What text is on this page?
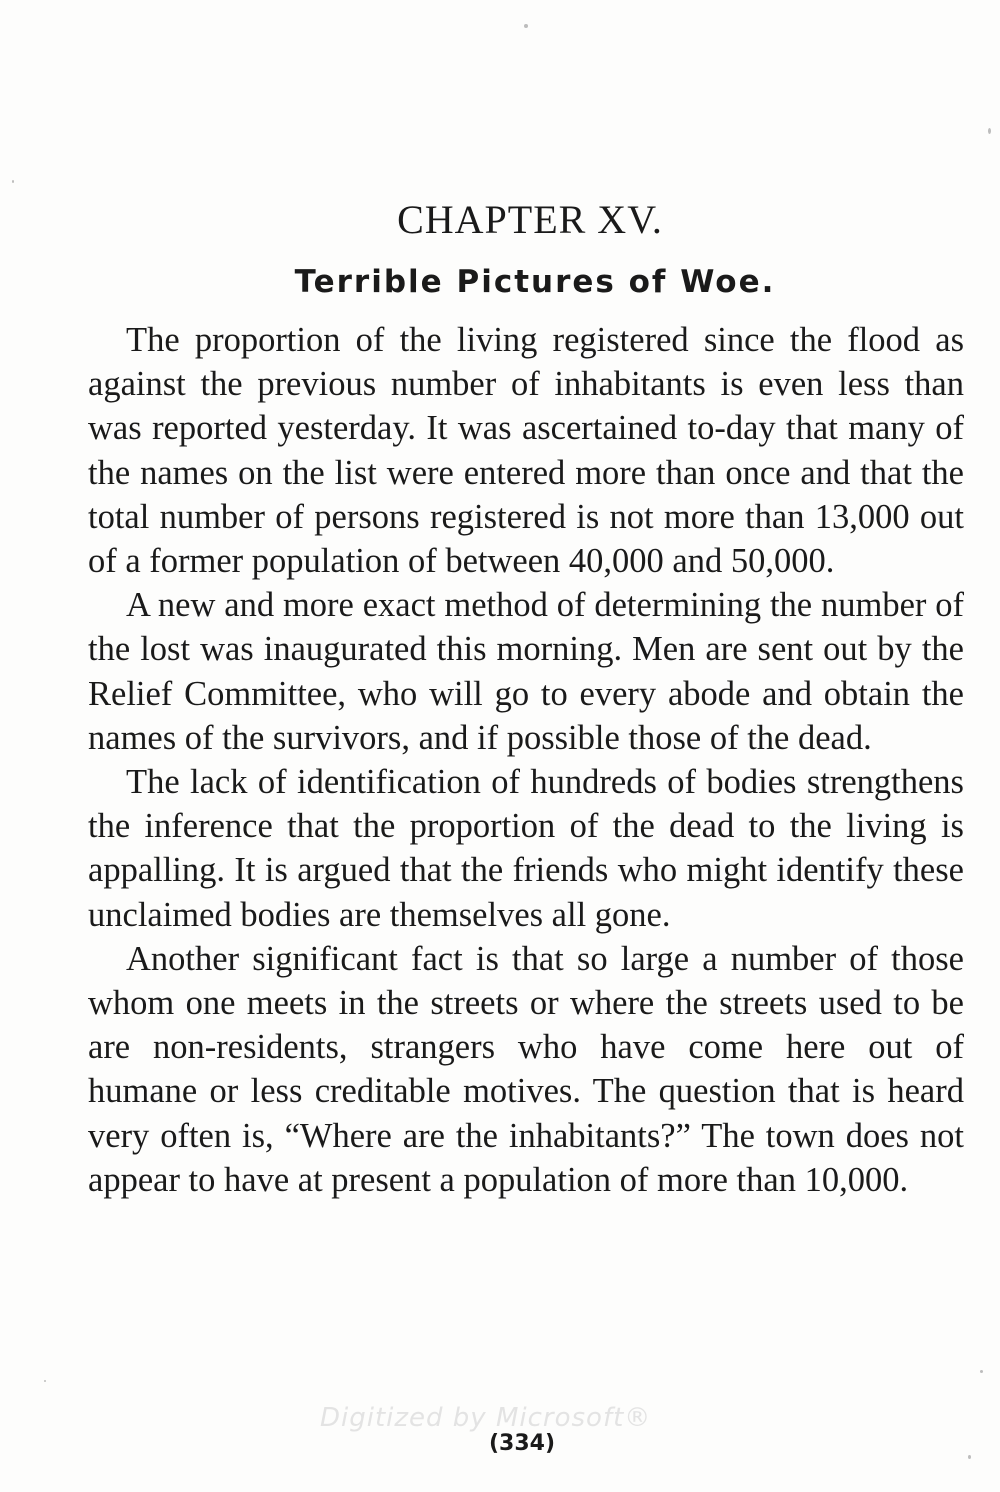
CHAPTER XV.
Terrible Pictures of Woe.

The proportion of the living registered since the flood as against the previous number of inhabitants is even less than was reported yesterday. It was ascertained to-day that many of the names on the list were entered more than once and that the total number of persons registered is not more than 13,000 out of a former population of between 40,000 and 50,000.

A new and more exact method of determining the number of the lost was inaugurated this morning. Men are sent out by the Relief Committee, who will go to every abode and obtain the names of the survivors, and if possible those of the dead.

The lack of identification of hundreds of bodies strengthens the inference that the proportion of the dead to the living is appalling. It is argued that the friends who might identify these unclaimed bodies are themselves all gone.

Another significant fact is that so large a number of those whom one meets in the streets or where the streets used to be are non-residents, strangers who have come here out of humane or less creditable motives. The question that is heard very often is, “Where are the inhabitants?” The town does not appear to have at present a population of more than 10,000.

Digitized by Microsoft®
(334)
